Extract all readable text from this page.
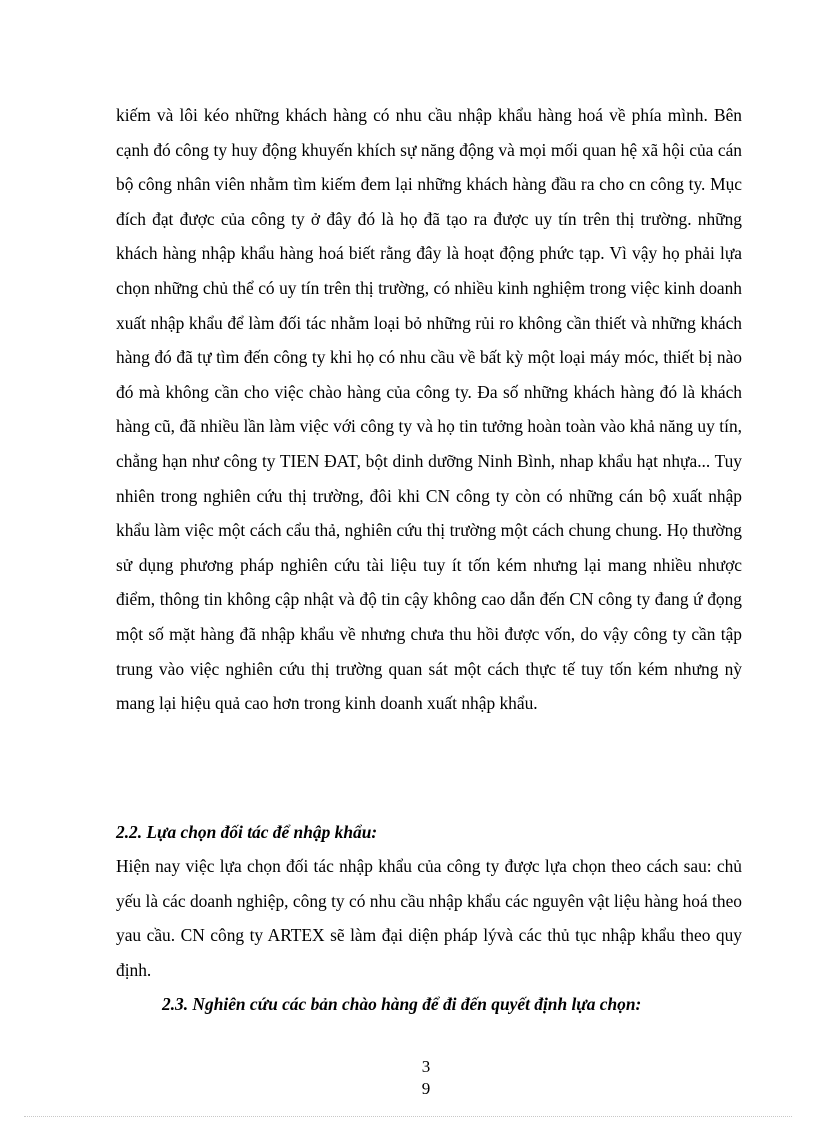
kiếm và lôi kéo những khách hàng có nhu cầu nhập khẩu hàng hoá về phía mình. Bên cạnh đó công ty huy động khuyến khích sự năng động và mọi mối quan hệ xã hội của cán bộ công nhân viên nhằm tìm kiếm đem lại những khách hàng đầu ra cho cn công ty. Mục đích đạt được của công ty ở đây đó là họ đã tạo ra được uy tín trên thị trường. những khách hàng nhập khẩu hàng hoá biết rằng đây là hoạt động phức tạp. Vì vậy họ phải lựa chọn những chủ thể có uy tín trên thị trường, có nhiều kinh nghiệm trong việc kinh doanh xuất nhập khẩu để làm đối tác nhằm loại bỏ những rủi ro không cần thiết và những khách hàng đó đã tự tìm đến công ty khi họ có nhu cầu về bất kỳ một loại máy móc, thiết bị nào đó mà không cần cho việc chào hàng của công ty. Đa số những khách hàng đó là khách hàng cũ, đã nhiều lần làm việc với công ty và họ tin tưởng hoàn toàn vào khả năng uy tín, chẳng hạn như công ty TIEN ĐAT, bột dinh dưỡng Ninh Bình, nhap khẩu hạt nhựa... Tuy nhiên trong nghiên cứu thị trường, đôi khi CN công ty còn có những cán bộ xuất nhập khẩu làm việc một cách cẩu thả, nghiên cứu thị trường một cách chung chung. Họ thường sử dụng phương pháp nghiên cứu tài liệu tuy ít tốn kém nhưng lại mang nhiều nhược điểm, thông tin không cập nhật và độ tin cậy không cao dẫn đến CN công ty đang ứ đọng một số mặt hàng đã nhập khẩu về nhưng chưa thu hồi được vốn, do vậy công ty cần tập trung vào việc nghiên cứu thị trường quan sát một cách thực tế tuy tốn kém nhưng nỳ mang lại hiệu quả cao hơn trong kinh doanh xuất nhập khẩu.

2.2. Lựa chọn đối tác để nhập khẩu:

Hiện nay việc lựa chọn đối tác nhập khẩu của công ty được lựa chọn theo cách sau: chủ yếu là các doanh nghiệp, công ty có nhu cầu nhập khẩu các nguyên vật liệu hàng hoá theo yau cầu. CN công ty ARTEX sẽ làm đại diện pháp lývà các thủ tục nhập khẩu theo quy định.

2.3. Nghiên cứu các bản chào hàng để đi đến quyết định lựa chọn:
3
9
